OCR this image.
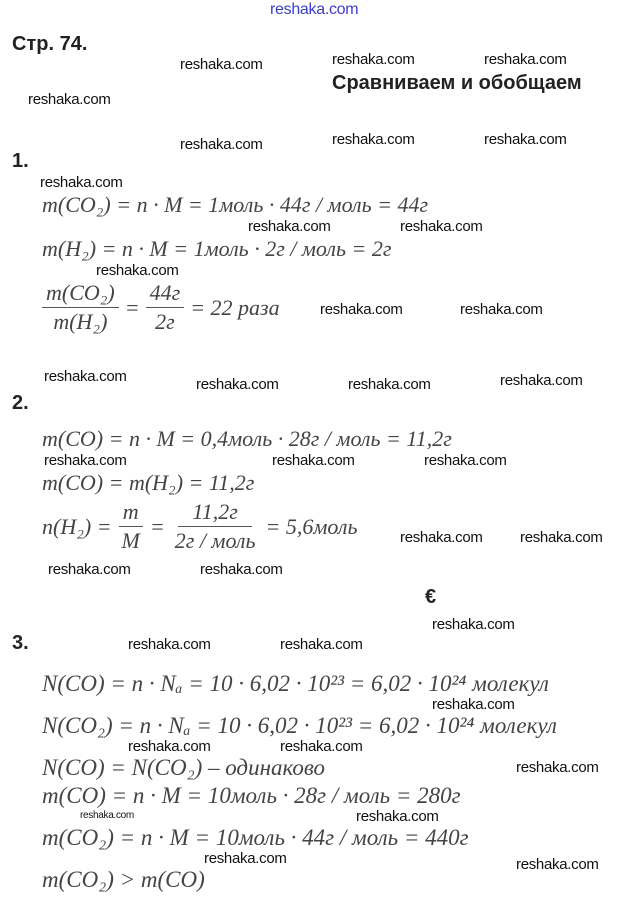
reshaka.com
Стр. 74.
Сравниваем и обобщаем
1.
m(CO₂) = n · M = 1моль · 44г / моль = 44г
m(H₂) = n · M = 1моль · 2г / моль = 2г
$\frac{\text{m(CO₂)}}{\text{m(H₂)}} = \frac{44г}{2г} = 22$ раза
2.
m(CO) = n · M = 0,4моль · 28г / моль = 11,2г
m(CO) = m(H₂) = 11,2г
$n(H_2) = \frac{m}{M} = \frac{11,2г}{\text{2г / моль}}$ = 5,6моль
€
3.
N(CO) = n · Nₐ = 10 · 6,02 · 10²³ = 6,02 · 10²⁴ молекул
N(CO₂) = n · Nₐ = 10 · 6,02 · 10²³ = 6,02 · 10²⁴ молекул
N(CO) = N(CO₂) – одинаково
m(CO) = n · M = 10моль · 28г / моль = 280г
m(CO₂) = n · M = 10моль · 44г / моль = 440г
m(CO₂) > m(CO)
reshaka.com	reshaka.com	reshaka.com
reshaka.com
reshaka.com	reshaka.com	reshaka.com
reshaka.com
reshaka.com	reshaka.com
reshaka.com
reshaka.com	reshaka.com
reshaka.com	reshaka.com	reshaka.com	reshaka.com
reshaka.com	reshaka.com	reshaka.com
reshaka.com reshaka.com
reshaka.com	reshaka.com
reshaka.com
reshaka.com	reshaka.com
reshaka.com
reshaka.com	reshaka.com
reshaka.com
reshaka.com	reshaka.com
reshaka.com	reshaka.com
